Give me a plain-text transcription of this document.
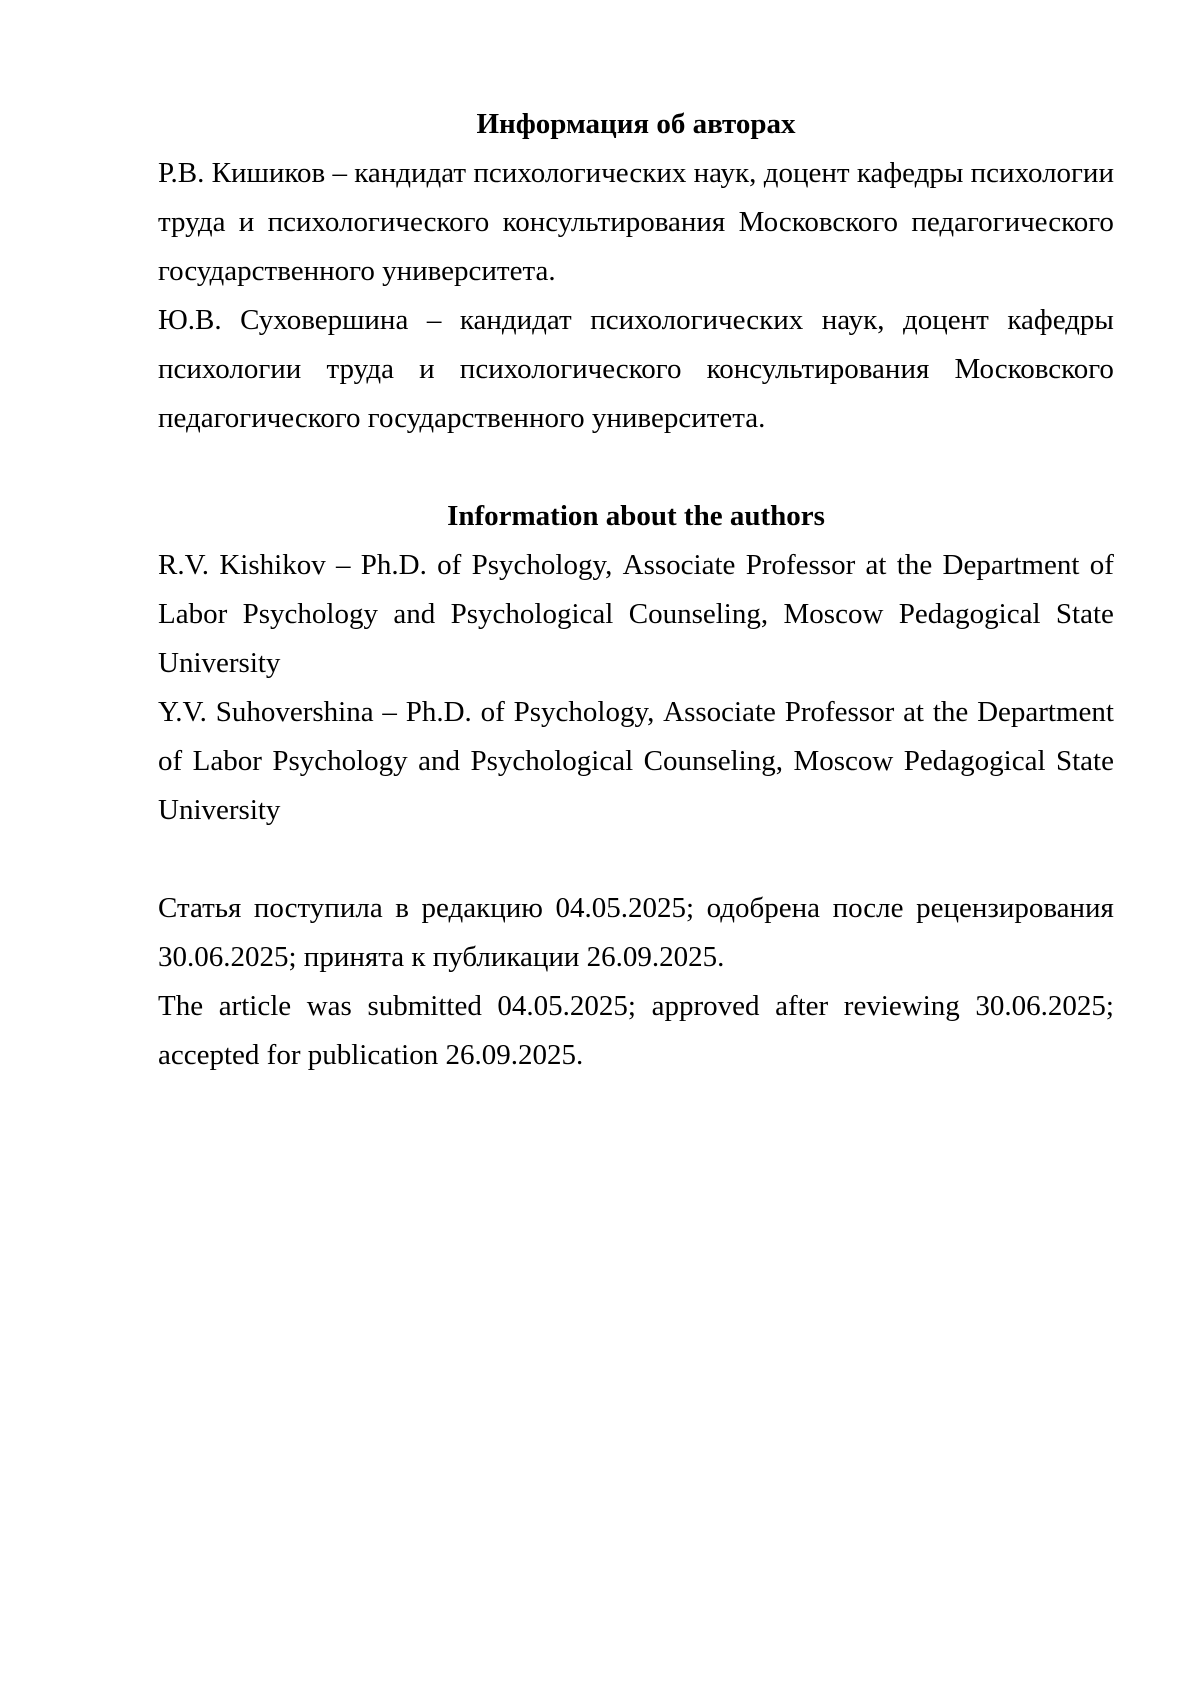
Информация об авторах
Р.В. Кишиков – кандидат психологических наук, доцент кафедры психологии
труда и психологического консультирования Московского педагогического
государственного университета.
Ю.В. Суховершина – кандидат психологических наук, доцент кафедры
психологии труда и психологического консультирования Московского
педагогического государственного университета.
Information about the authors
R.V. Kishikov – Ph.D. of Psychology, Associate Professor at the Department of
Labor Psychology and Psychological Counseling, Moscow Pedagogical State
University
Y.V. Suhovershina – Ph.D. of Psychology, Associate Professor at the Department
of Labor Psychology and Psychological Counseling, Moscow Pedagogical State
University
Статья поступила в редакцию 04.05.2025; одобрена после рецензирования
30.06.2025; принята к публикации 26.09.2025.
The article was submitted 04.05.2025; approved after reviewing 30.06.2025;
accepted for publication 26.09.2025.
